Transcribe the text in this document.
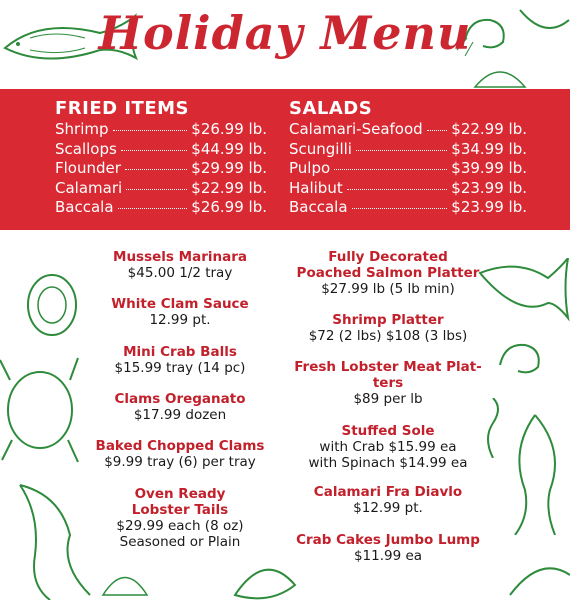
Holiday Menu
FRIED ITEMS
Shrimp	$26.99 lb.
Scallops	$44.99 lb.
Flounder	$29.99 lb.
Calamari	$22.99 lb.
Baccala	$26.99 lb.
SALADS
Calamari-Seafood $22.99 lb.
Scungilli	$34.99 lb.
Pulpo	$39.99 lb.
Halibut	$23.99 lb.
Baccala	$23.99 lb.
Mussels Marinara
$45.00 1/2 tray
White Clam Sauce
12.99 pt.
Mini Crab Balls
$15.99 tray (14 pc)
Clams Oreganato
$17.99 dozen
Baked Chopped Clams
$9.99 tray (6) per tray
Oven Ready
Lobster Tails
$29.99 each (8 oz)
Seasoned or Plain
Fully Decorated
Poached Salmon Platter
$27.99 lb (5 lb min)
Shrimp Platter
$72 (2 lbs) $108 (3 lbs)
Fresh Lobster Meat Plat-
ters
$89 per lb
Stuffed Sole
with Crab $15.99 ea
with Spinach $14.99 ea
Calamari Fra Diavlo
$12.99 pt.
Crab Cakes Jumbo Lump
$11.99 ea
